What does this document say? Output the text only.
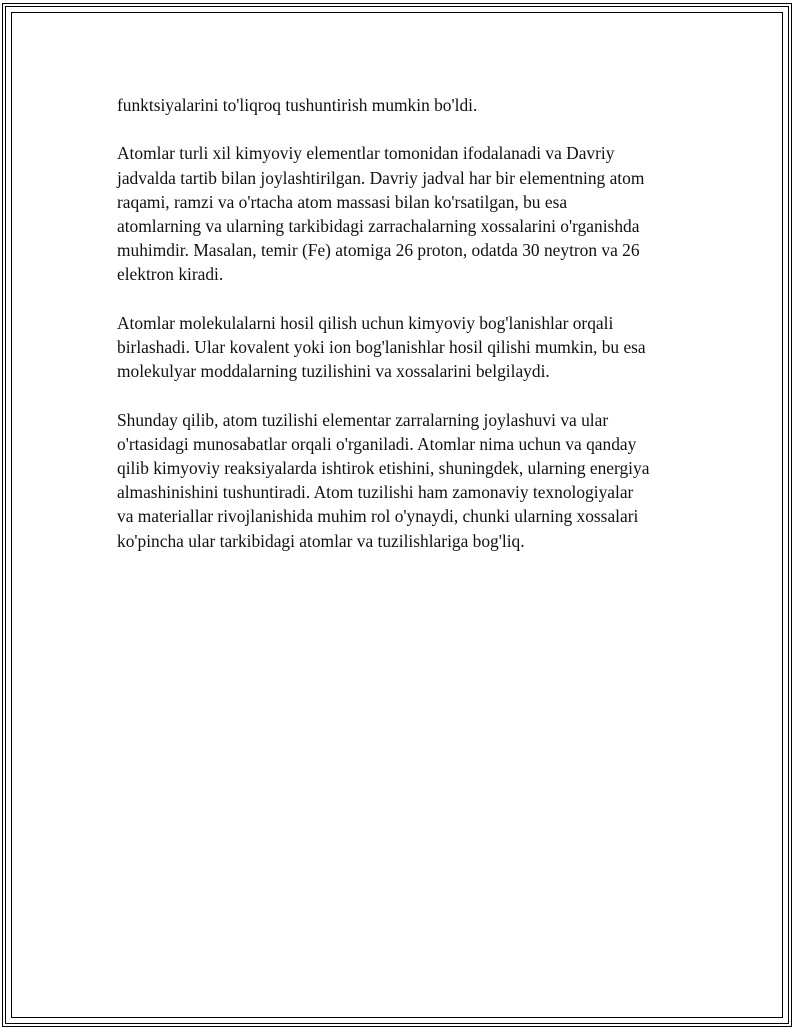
funktsiyalarini to'liqroq tushuntirish mumkin bo'ldi.

Atomlar turli xil kimyoviy elementlar tomonidan ifodalanadi va Davriy
jadvalda tartib bilan joylashtirilgan. Davriy jadval har bir elementning atom
raqami, ramzi va o'rtacha atom massasi bilan ko'rsatilgan, bu esa
atomlarning va ularning tarkibidagi zarrachalarning xossalarini o'rganishda
muhimdir. Masalan, temir (Fe) atomiga 26 proton, odatda 30 neytron va 26
elektron kiradi.

Atomlar molekulalarni hosil qilish uchun kimyoviy bog'lanishlar orqali
birlashadi. Ular kovalent yoki ion bog'lanishlar hosil qilishi mumkin, bu esa
molekulyar moddalarning tuzilishini va xossalarini belgilaydi.

Shunday qilib, atom tuzilishi elementar zarralarning joylashuvi va ular
o'rtasidagi munosabatlar orqali o'rganiladi. Atomlar nima uchun va qanday
qilib kimyoviy reaksiyalarda ishtirok etishini, shuningdek, ularning energiya
almashinishini tushuntiradi. Atom tuzilishi ham zamonaviy texnologiyalar
va materiallar rivojlanishida muhim rol o'ynaydi, chunki ularning xossalari
ko'pincha ular tarkibidagi atomlar va tuzilishlariga bog'liq.
